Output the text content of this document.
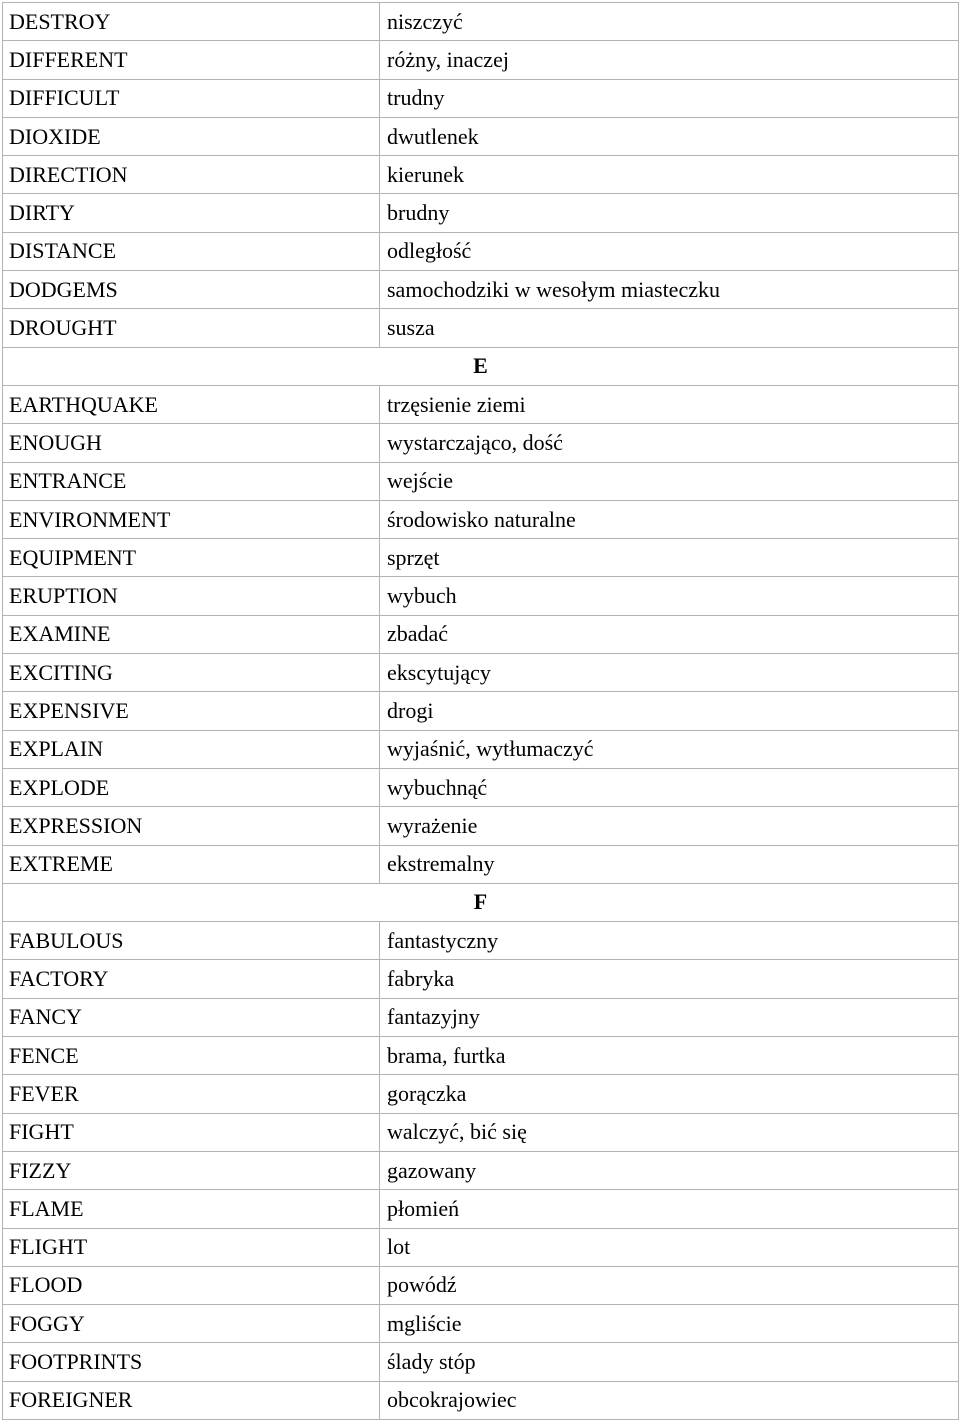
DESTROY	niszczyć
DIFFERENT	różny, inaczej
DIFFICULT	trudny
DIOXIDE	dwutlenek
DIRECTION	kierunek
DIRTY	brudny
DISTANCE	odległość
DODGEMS	samochodziki w wesołym miasteczku
DROUGHT	susza
E	
EARTHQUAKE	trzęsienie ziemi
ENOUGH	wystarczająco, dość
ENTRANCE	wejście
ENVIRONMENT	środowisko naturalne
EQUIPMENT	sprzęt
ERUPTION	wybuch
EXAMINE	zbadać
EXCITING	ekscytujący
EXPENSIVE	drogi
EXPLAIN	wyjaśnić, wytłumaczyć
EXPLODE	wybuchnąć
EXPRESSION	wyrażenie
EXTREME	ekstremalny
F	
FABULOUS	fantastyczny
FACTORY	fabryka
FANCY	fantazyjny
FENCE	brama, furtka
FEVER	gorączka
FIGHT	walczyć, bić się
FIZZY	gazowany
FLAME	płomień
FLIGHT	lot
FLOOD	powódź
FOGGY	mgliście
FOOTPRINTS	ślady stóp
FOREIGNER	obcokrajowiec
